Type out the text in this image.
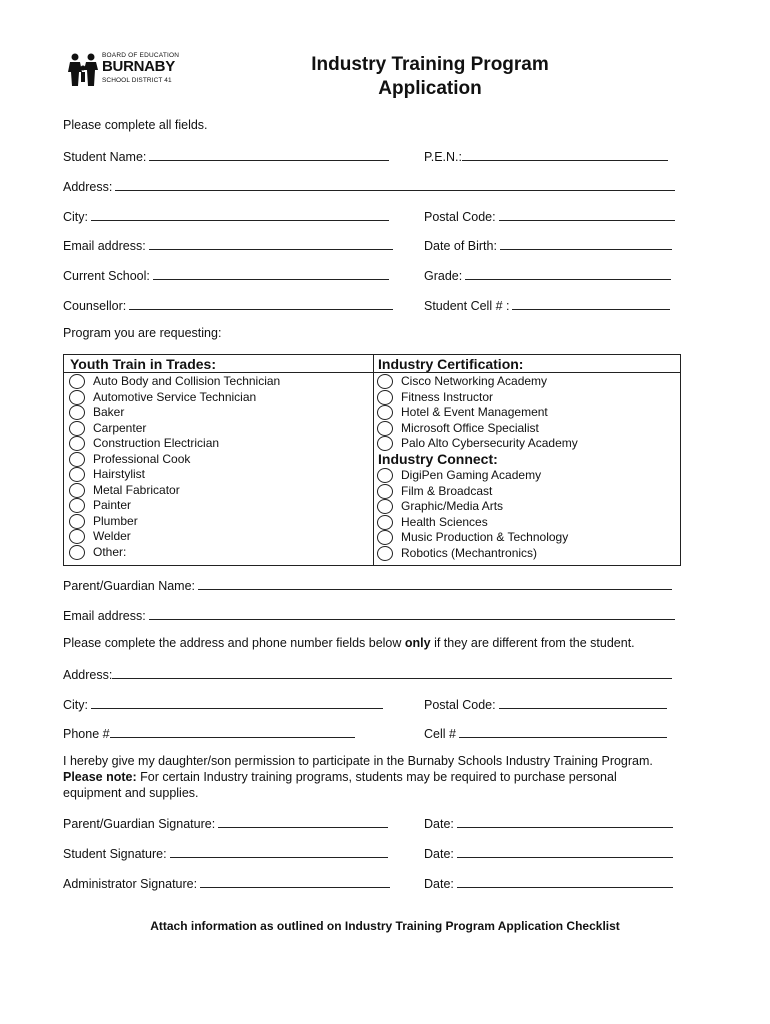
BOARD OF EDUCATION
BURNABY
SCHOOL DISTRICT 41
Industry Training Program
Application
Please complete all fields.
Student Name:	P.E.N.:
Address:
City:	Postal Code:
Email address:	Date of Birth:
Current School:	Grade:
Counsellor:	Student Cell # :
Program you are requesting:
Youth Train in Trades:	Industry Certification:
Auto Body and Collision Technician
Automotive Service Technician
Baker
Carpenter
Construction Electrician
Professional Cook
Hairstylist
Metal Fabricator
Painter
Plumber
Welder
Other:
Cisco Networking Academy
Fitness Instructor
Hotel & Event Management
Microsoft Office Specialist
Palo Alto Cybersecurity Academy
Industry Connect:
DigiPen Gaming Academy
Film & Broadcast
Graphic/Media Arts
Health Sciences
Music Production & Technology
Robotics (Mechantronics)
Parent/Guardian Name:
Email address:
Please complete the address and phone number fields below only if they are different from the student.
Address:
City:	Postal Code:
Phone #	Cell #
I hereby give my daughter/son permission to participate in the Burnaby Schools Industry Training Program.
Please note: For certain Industry training programs, students may be required to purchase personal
equipment and supplies.
Parent/Guardian Signature:	Date:
Student Signature:	Date:
Administrator Signature:	Date:
Attach information as outlined on Industry Training Program Application Checklist
